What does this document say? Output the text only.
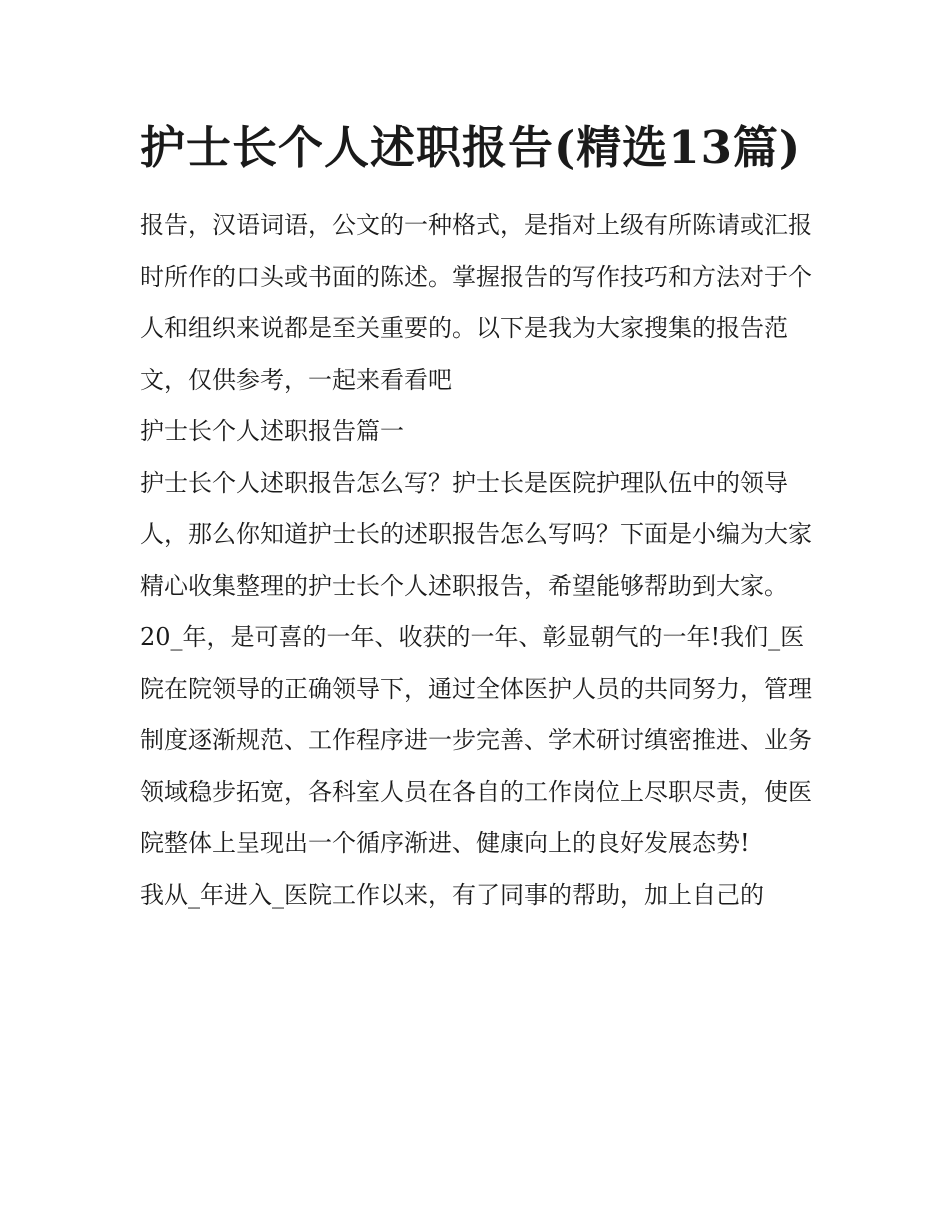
护士长个人述职报告(精选13篇)

报告，汉语词语，公文的一种格式，是指对上级有所陈请或汇报时所作的口头或书面的陈述。掌握报告的写作技巧和方法对于个人和组织来说都是至关重要的。以下是我为大家搜集的报告范文，仅供参考，一起来看看吧

护士长个人述职报告篇一

护士长个人述职报告怎么写？护士长是医院护理队伍中的领导人，那么你知道护士长的述职报告怎么写吗？下面是小编为大家精心收集整理的护士长个人述职报告，希望能够帮助到大家。

20_年，是可喜的一年、收获的一年、彰显朝气的一年!我们_医院在院领导的正确领导下，通过全体医护人员的共同努力，管理制度逐渐规范、工作程序进一步完善、学术研讨缜密推进、业务领域稳步拓宽，各科室人员在各自的工作岗位上尽职尽责，使医院整体上呈现出一个循序渐进、健康向上的良好发展态势!

我从_年进入_医院工作以来，有了同事的帮助，加上自己的
